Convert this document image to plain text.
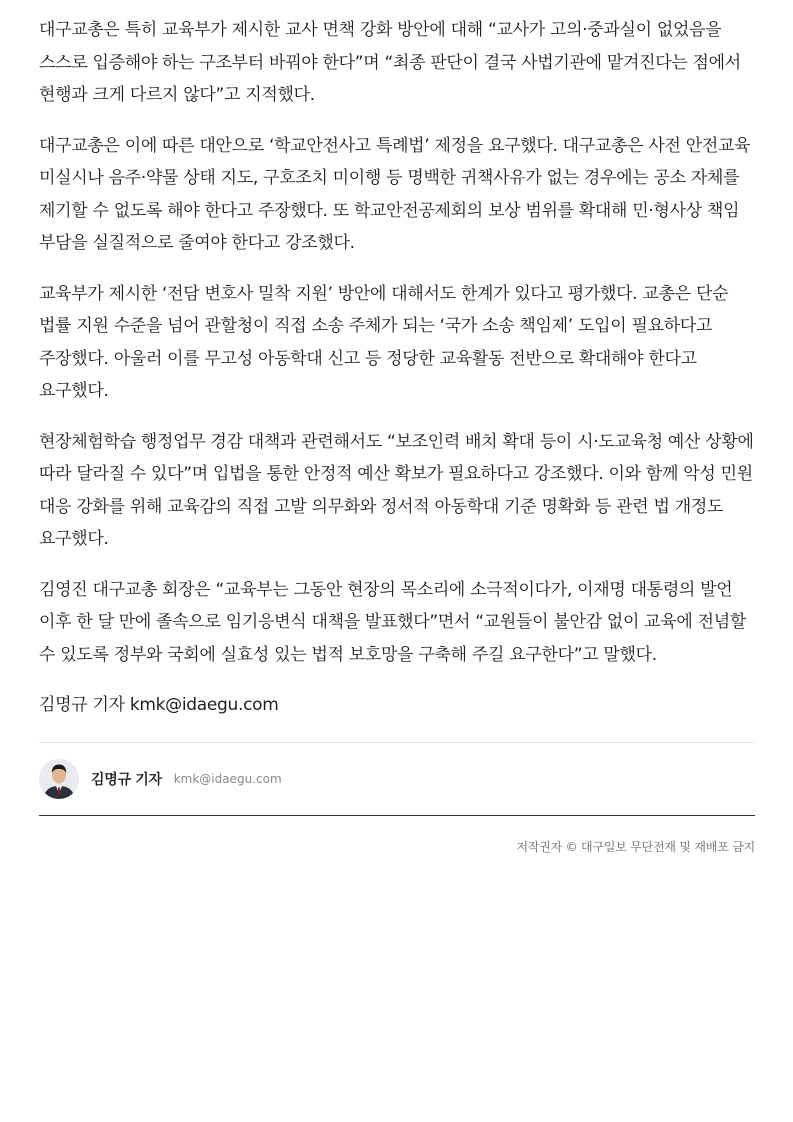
대구교총은 특히 교육부가 제시한 교사 면책 강화 방안에 대해 “교사가 고의·중과실이 없었음을 스스로 입증해야 하는 구조부터 바꿔야 한다”며 “최종 판단이 결국 사법기관에 맡겨진다는 점에서 현행과 크게 다르지 않다”고 지적했다.

대구교총은 이에 따른 대안으로 ‘학교안전사고 특례법’ 제정을 요구했다. 대구교총은 사전 안전교육 미실시나 음주·약물 상태 지도, 구호조치 미이행 등 명백한 귀책사유가 없는 경우에는 공소 자체를 제기할 수 없도록 해야 한다고 주장했다. 또 학교안전공제회의 보상 범위를 확대해 민·형사상 책임 부담을 실질적으로 줄여야 한다고 강조했다.

교육부가 제시한 ‘전담 변호사 밀착 지원’ 방안에 대해서도 한계가 있다고 평가했다. 교총은 단순 법률 지원 수준을 넘어 관할청이 직접 소송 주체가 되는 ‘국가 소송 책임제’ 도입이 필요하다고 주장했다. 아울러 이를 무고성 아동학대 신고 등 정당한 교육활동 전반으로 확대해야 한다고 요구했다.

현장체험학습 행정업무 경감 대책과 관련해서도 “보조인력 배치 확대 등이 시·도교육청 예산 상황에 따라 달라질 수 있다”며 입법을 통한 안정적 예산 확보가 필요하다고 강조했다. 이와 함께 악성 민원 대응 강화를 위해 교육감의 직접 고발 의무화와 정서적 아동학대 기준 명확화 등 관련 법 개정도 요구했다.

김영진 대구교총 회장은 “교육부는 그동안 현장의 목소리에 소극적이다가, 이재명 대통령의 발언 이후 한 달 만에 졸속으로 임기응변식 대책을 발표했다”면서 “교원들이 불안감 없이 교육에 전념할 수 있도록 정부와 국회에 실효성 있는 법적 보호망을 구축해 주길 요구한다”고 말했다.

김명규 기자 kmk@idaegu.com

김명규 기자 kmk@idaegu.com
저작권자 © 대구일보 무단전재 및 재배포 금지
